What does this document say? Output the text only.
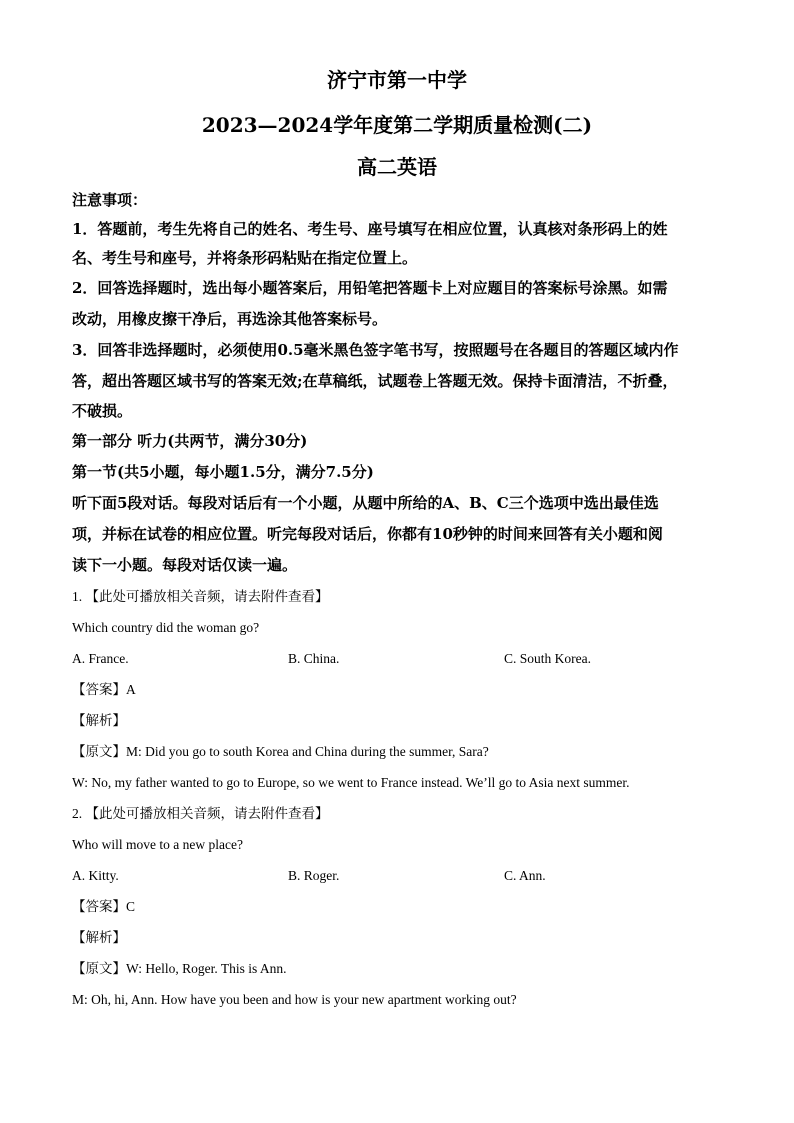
济宁市第一中学
2023—2024学年度第二学期质量检测(二)
高二英语
注意事项：
1．答题前，考生先将自己的姓名、考生号、座号填写在相应位置，认真核对条形码上的姓
名、考生号和座号，并将条形码粘贴在指定位置上。
2．回答选择题时，选出每小题答案后，用铅笔把答题卡上对应题目的答案标号涂黑。如需
改动，用橡皮擦干净后，再选涂其他答案标号。
3．回答非选择题时，必须使用0.5毫米黑色签字笔书写，按照题号在各题目的答题区域内作
答，超出答题区域书写的答案无效;在草稿纸，试题卷上答题无效。保持卡面清洁，不折叠，
不破损。
第一部分 听力(共两节，满分30分)
第一节(共5小题，每小题1.5分，满分7.5分)
听下面5段对话。每段对话后有一个小题，从题中所给的A、B、C三个选项中选出最佳选
项，并标在试卷的相应位置。听完每段对话后，你都有10秒钟的时间来回答有关小题和阅
读下一小题。每段对话仅读一遍。
1. 【此处可播放相关音频，请去附件查看】
Which country did the woman go?
A. France.	B. China.	C. South Korea.
【答案】A
【解析】
【原文】M: Did you go to south Korea and China during the summer, Sara?
W: No, my father wanted to go to Europe, so we went to France instead. We’ll go to Asia next summer.
2. 【此处可播放相关音频，请去附件查看】
Who will move to a new place?
A. Kitty.	B. Roger.	C. Ann.
【答案】C
【解析】
【原文】W: Hello, Roger. This is Ann.
M: Oh, hi, Ann. How have you been and how is your new apartment working out?
